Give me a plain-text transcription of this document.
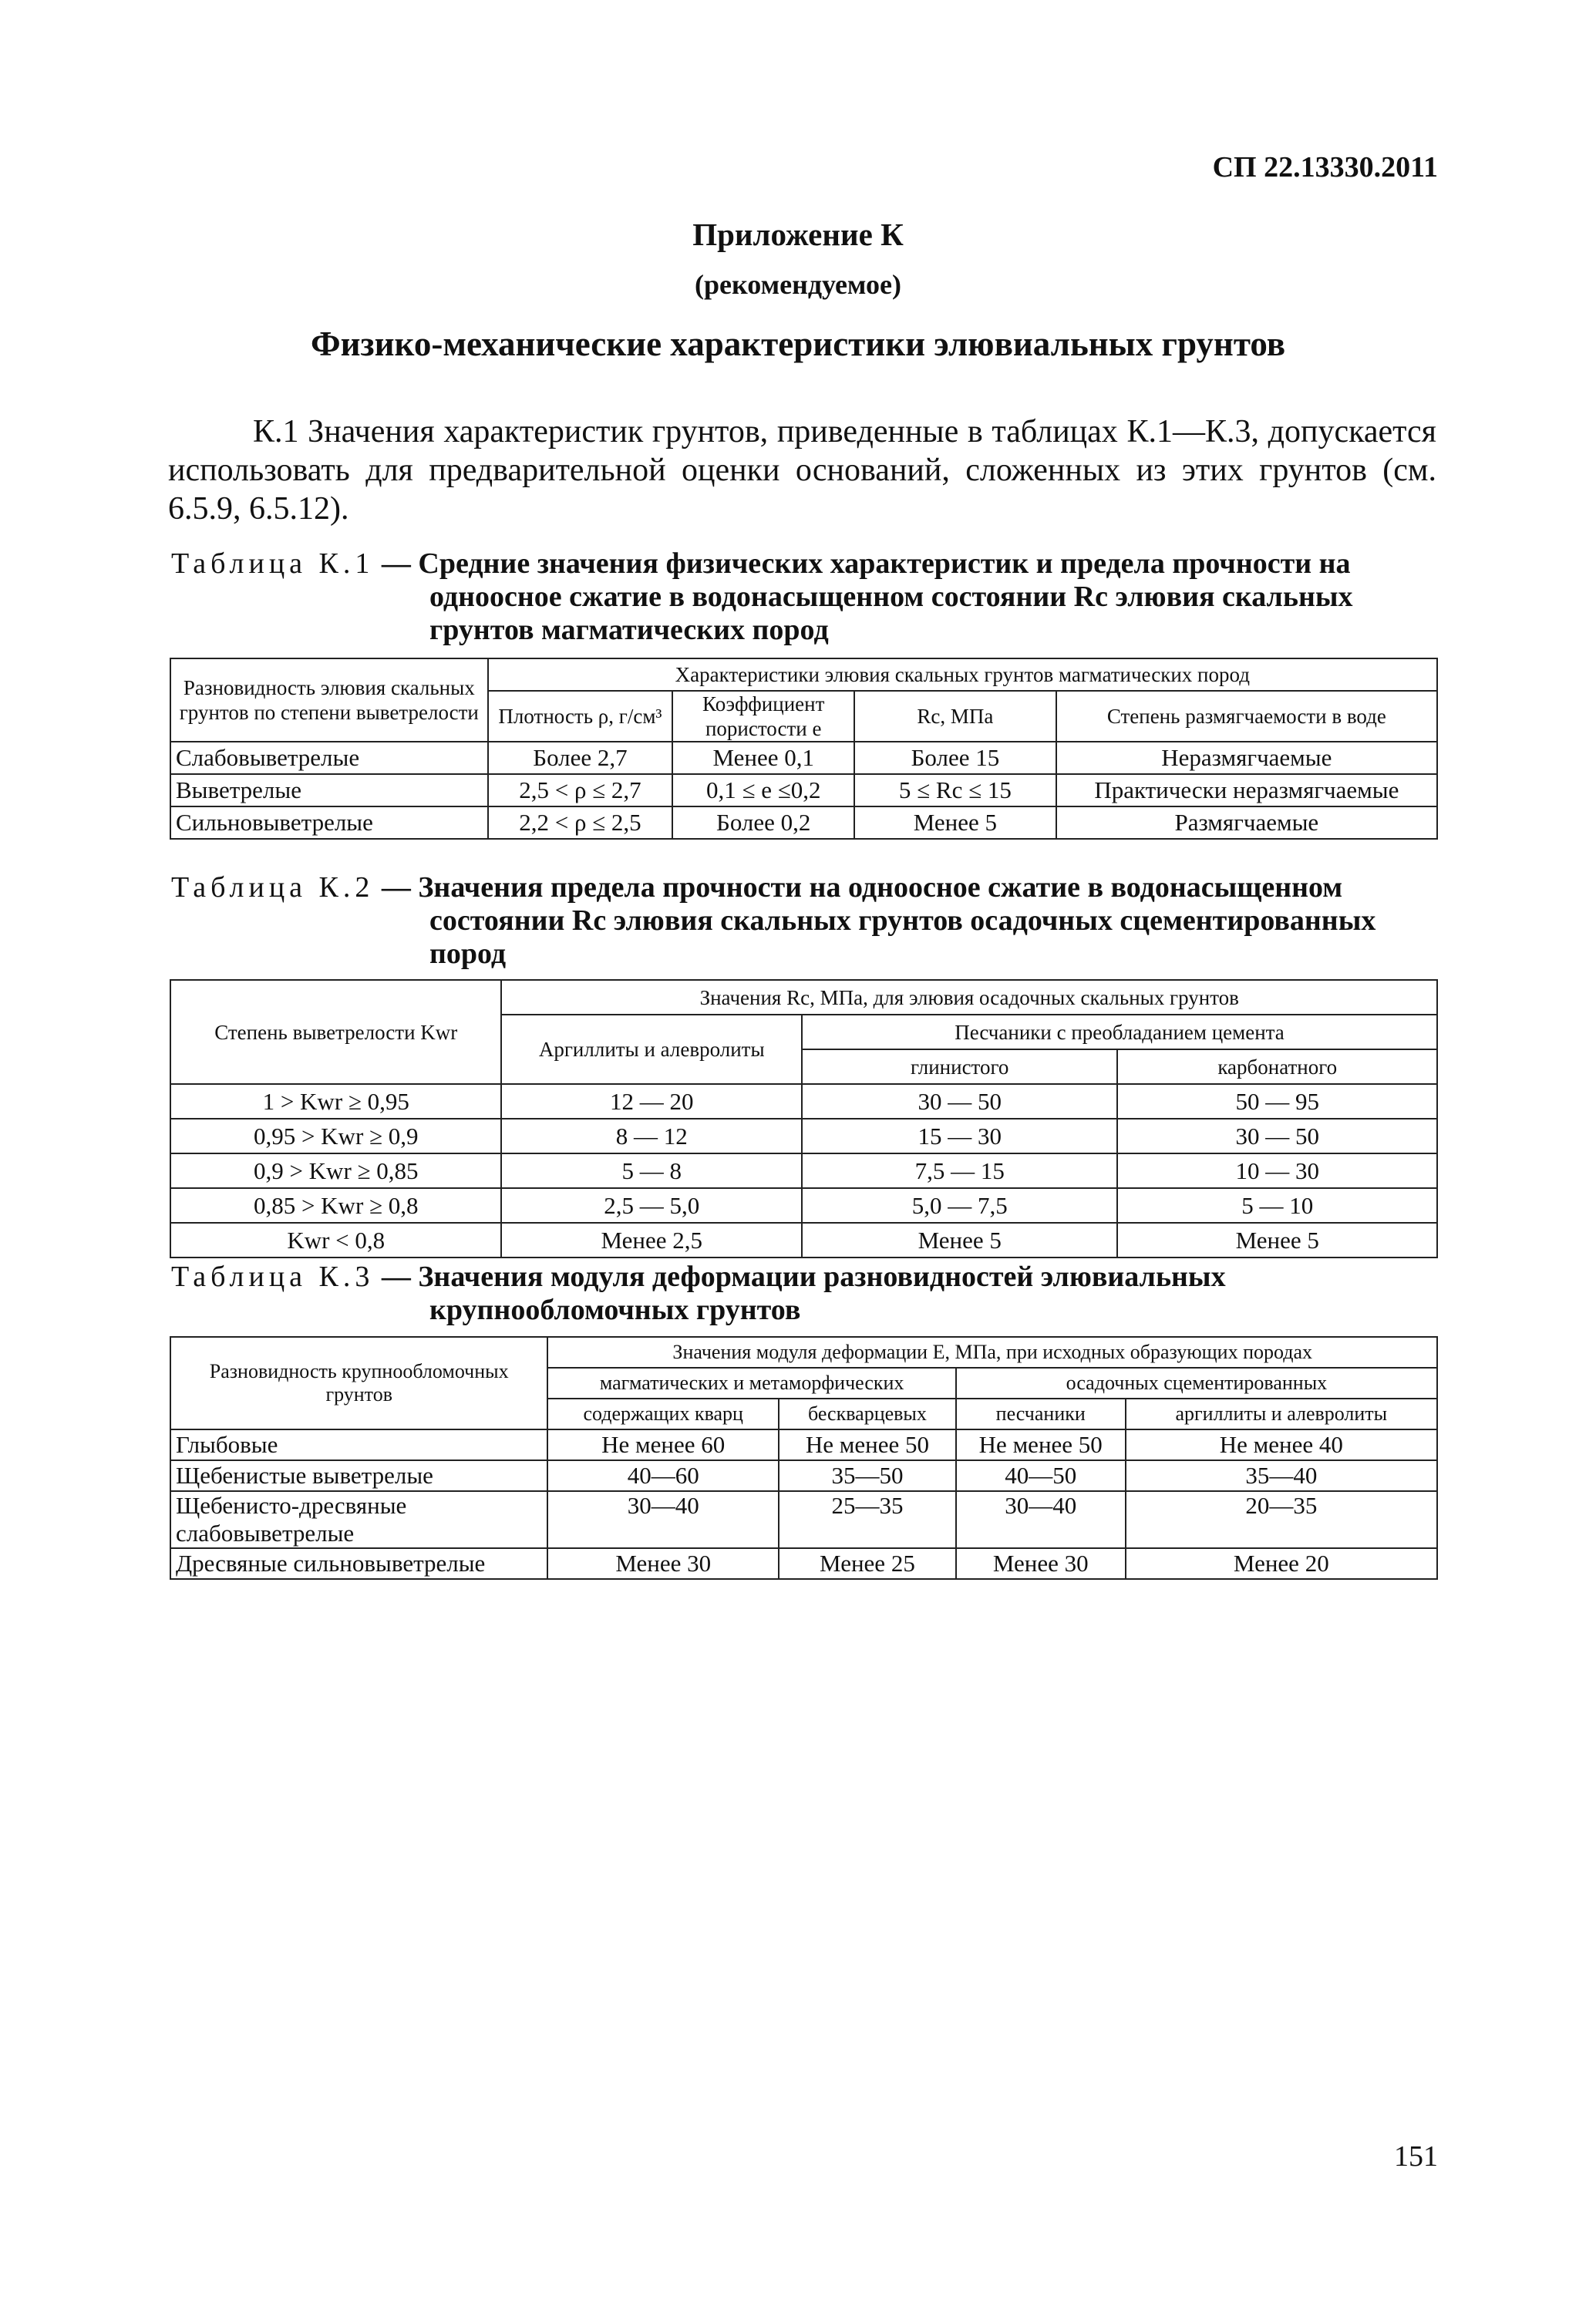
СП 22.13330.2011
Приложение К
(рекомендуемое)
Физико-механические характеристики элювиальных грунтов
К.1 Значения характеристик грунтов, приведенные в таблицах К.1—К.3, допускается использовать для предварительной оценки оснований, сложенных из этих грунтов (см. 6.5.9, 6.5.12).
Таблица К.1 — Средние значения физических характеристик и предела прочности на
одноосное сжатие в водонасыщенном состоянии Rc элювия скальных
грунтов магматических пород
Разновидность элювия скальных грунтов по степени выветрелости	Характеристики элювия скальных грунтов магматических пород			
	Плотность ρ, г/см³	Коэффициент пористости e	Rc, МПа	Степень размягчаемости в воде
Слабовыветрелые	Более 2,7	Менее 0,1	Более 15	Неразмягчаемые
Выветрелые	2,5 < ρ ≤ 2,7	0,1 ≤ e ≤0,2	5 ≤ Rc ≤ 15	Практически неразмягчаемые
Сильновыветрелые	2,2 < ρ ≤ 2,5	Более 0,2	Менее 5	Размягчаемые
Таблица К.2 — Значения предела прочности на одноосное сжатие в водонасыщенном
состоянии Rc элювия скальных грунтов осадочных сцементированных
пород
Степень выветрелости Kwr	Значения Rc, МПа, для элювия осадочных скальных грунтов		
	Аргиллиты и алевролиты	Песчаники с преобладанием цемента	
		глинистого	карбонатного
1 > Kwr ≥ 0,95	12 — 20	30 — 50	50 — 95
0,95 > Kwr ≥ 0,9	8 — 12	15 — 30	30 — 50
0,9 > Kwr ≥ 0,85	5 — 8	7,5 — 15	10 — 30
0,85 > Kwr ≥ 0,8	2,5 — 5,0	5,0 — 7,5	5 — 10
Kwr < 0,8	Менее 2,5	Менее 5	Менее 5
Таблица К.3 — Значения модуля деформации разновидностей элювиальных
крупнообломочных грунтов
Разновидность крупнообломочных грунтов	Значения модуля деформации E, МПа, при исходных образующих породах			
	магматических и метаморфических		осадочных сцементированных	
	содержащих кварц	бескварцевых	песчаники	аргиллиты и алевролиты
Глыбовые	Не менее 60	Не менее 50	Не менее 50	Не менее 40
Щебенистые выветрелые	40—60	35—50	40—50	35—40
Щебенисто-дресвяные слабовыветрелые	30—40	25—35	30—40	20—35
Дресвяные сильновыветрелые	Менее 30	Менее 25	Менее 30	Менее 20
151
